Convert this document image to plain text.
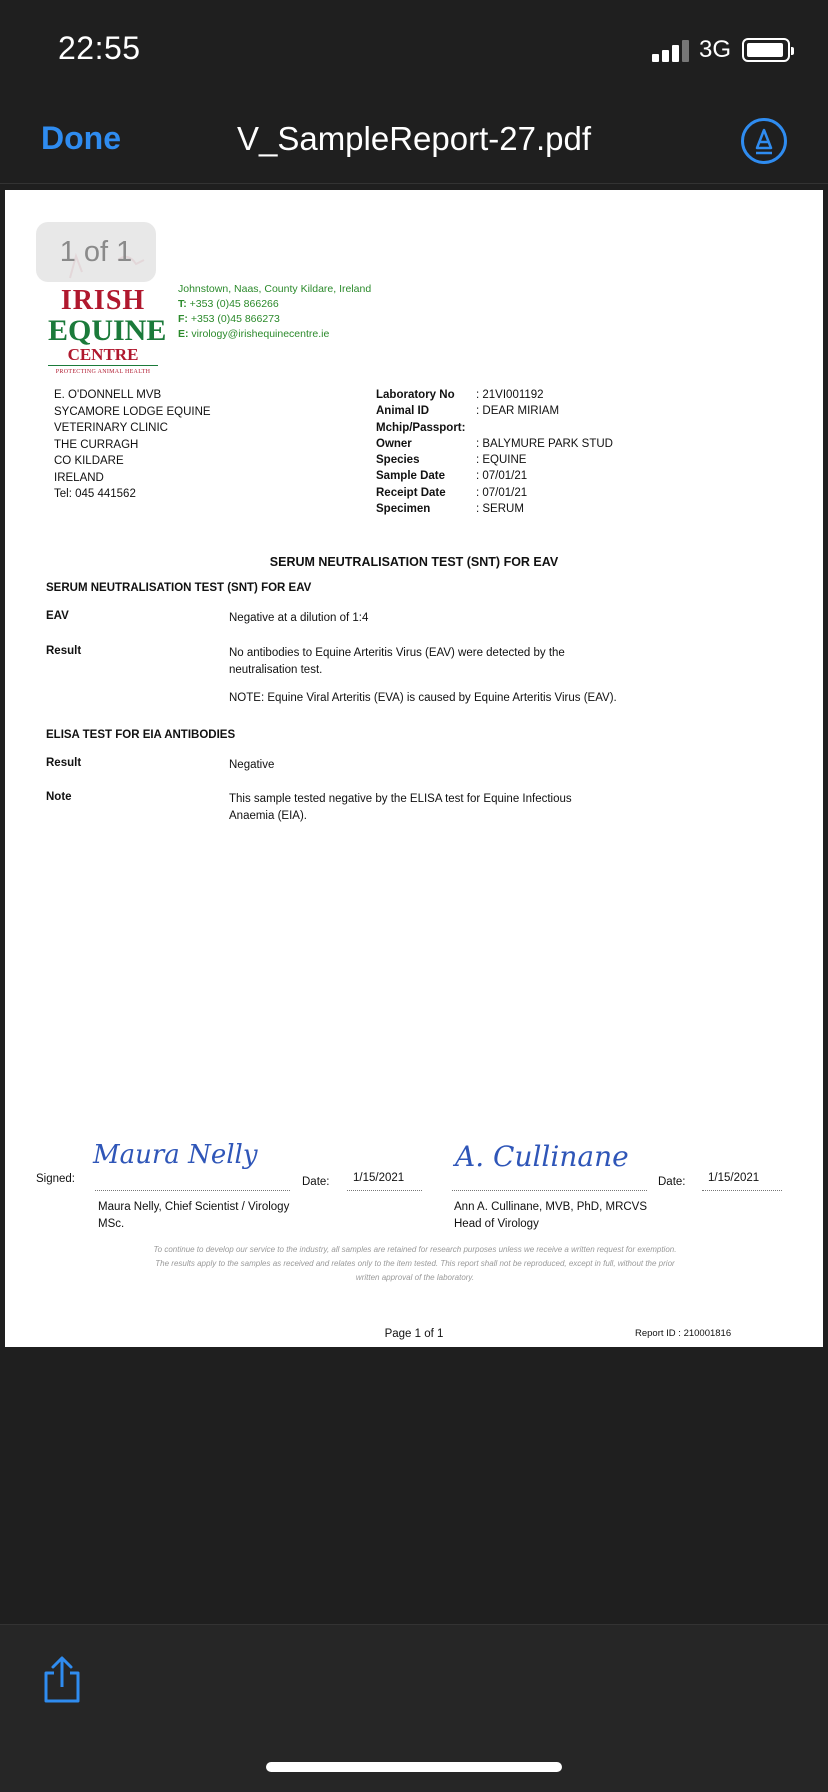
22:55	3G
V_SampleReport-27.pdf
Done
IRISH
EQUINE
CENTRE
PROTECTING ANIMAL HEALTH
Johnstown, Naas, County Kildare, Ireland
T: +353 (0)45 866266
F: +353 (0)45 866273
E: virology@irishequinecentre.ie
E. O'DONNELL MVB
SYCAMORE LODGE EQUINE
VETERINARY CLINIC
THE CURRAGH
CO KILDARE
IRELAND
Tel: 045 441562
Laboratory No	: 21VI001192
Animal ID	: DEAR MIRIAM
Mchip/Passport:
Owner	: BALYMURE PARK STUD
Species	: EQUINE
Sample Date	: 07/01/21
Receipt Date	: 07/01/21
Specimen	: SERUM
SERUM NEUTRALISATION TEST (SNT) FOR EAV
SERUM NEUTRALISATION TEST (SNT) FOR EAV
EAV	Negative at a dilution of 1:4
Result	No antibodies to Equine Arteritis Virus (EAV) were detected by the neutralisation test.
NOTE: Equine Viral Arteritis (EVA) is caused by Equine Arteritis Virus (EAV).
ELISA TEST FOR EIA ANTIBODIES
Result	Negative
Note	This sample tested negative by the ELISA test for Equine Infectious Anaemia (EIA).
Signed:
Maura Nelly
Date: 1/15/2021
Maura Nelly, Chief Scientist / Virology
MSc.
A. Cullinane
Date: 1/15/2021
Ann A. Cullinane, MVB, PhD, MRCVS
Head of Virology
To continue to develop our service to the industry, all samples are retained for research purposes unless we receive a written request for exemption.
The results apply to the samples as received and relates only to the item tested. This report shall not be reproduced, except in full, without the prior
written approval of the laboratory.
Page 1 of 1	Report ID : 210001816
1 of 1
